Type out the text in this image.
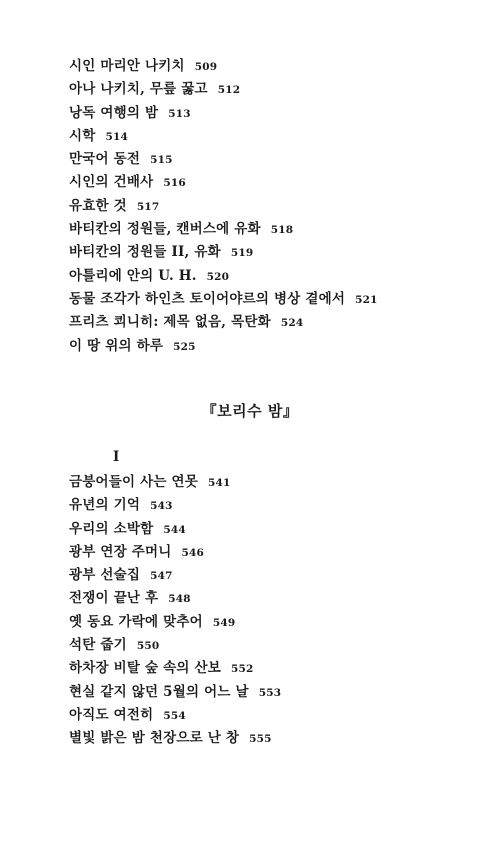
시인 마리안 나키치 509
아나 나키치, 무릎 꿇고 512
낭독 여행의 밤 513
시학 514
만국어 동전 515
시인의 건배사 516
유효한 것 517
바티칸의 정원들, 캔버스에 유화 518
바티칸의 정원들 II, 유화 519
아틀리에 안의 U. H. 520
동물 조각가 하인츠 토이어야르의 병상 곁에서 521
프리츠 쾨니히: 제목 없음, 목탄화 524
이 땅 위의 하루 525
『보리수 밤』
I
금붕어들이 사는 연못 541
유년의 기억 543
우리의 소박함 544
광부 연장 주머니 546
광부 선술집 547
전쟁이 끝난 후 548
옛 동요 가락에 맞추어 549
석탄 줍기 550
하차장 비탈 숲 속의 산보 552
현실 같지 않던 5월의 어느 날 553
아직도 여전히 554
별빛 밝은 밤 천장으로 난 창 555
